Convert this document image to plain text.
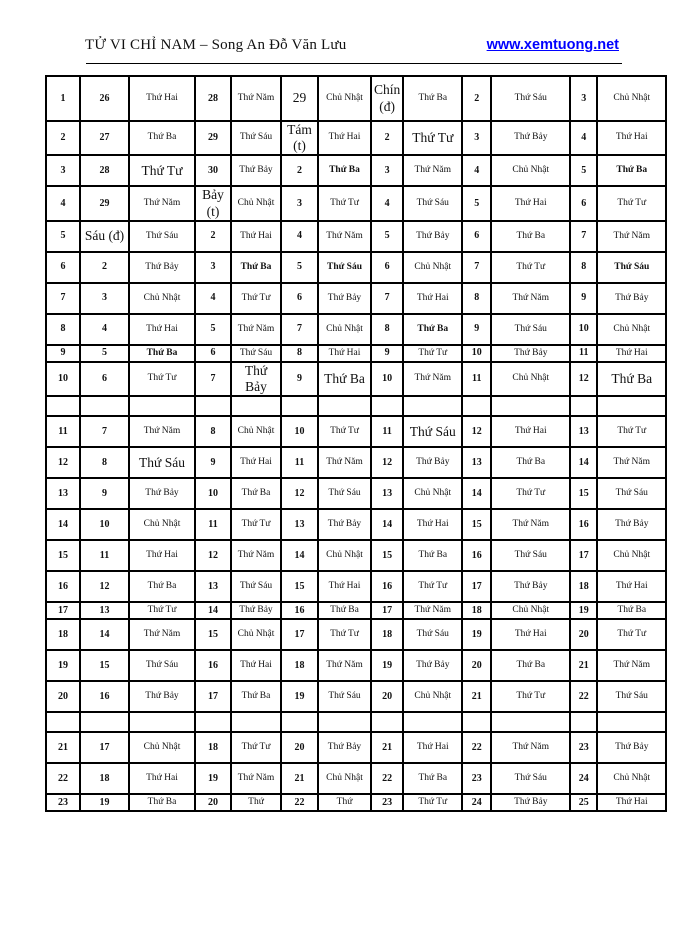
TỬ VI CHỈ NAM – Song An Đỗ Văn Lưu	www.xemtuong.net
1	26	Thứ Hai	28	Thứ Năm	29	Chủ Nhật	Chín (đ)	Thứ Ba	2	Thứ Sáu	3	Chủ Nhật
2	27	Thứ Ba	29	Thứ Sáu	Tám (t)	Thứ Hai	2	Thứ Tư	3	Thứ Bảy	4	Thứ Hai
3	28	Thứ Tư	30	Thứ Bảy	2	Thứ Ba	3	Thứ Năm	4	Chủ Nhật	5	Thứ Ba
4	29	Thứ Năm	Bảy (t)	Chủ Nhật	3	Thứ Tư	4	Thứ Sáu	5	Thứ Hai	6	Thứ Tư
5	Sáu (đ)	Thứ Sáu	2	Thứ Hai	4	Thứ Năm	5	Thứ Bảy	6	Thứ Ba	7	Thứ Năm
6	2	Thứ Bảy	3	Thứ Ba	5	Thứ Sáu	6	Chủ Nhật	7	Thứ Tư	8	Thứ Sáu
7	3	Chủ Nhật	4	Thứ Tư	6	Thứ Bảy	7	Thứ Hai	8	Thứ Năm	9	Thứ Bảy
8	4	Thứ Hai	5	Thứ Năm	7	Chủ Nhật	8	Thứ Ba	9	Thứ Sáu	10	Chủ Nhật
9	5	Thứ Ba	6	Thứ Sáu	8	Thứ Hai	9	Thứ Tư	10	Thứ Bảy	11	Thứ Hai
10	6	Thứ Tư	7	Thứ Bảy	9	Thứ Ba	10	Thứ Năm	11	Chủ Nhật	12	Thứ Ba

11	7	Thứ Năm	8	Chủ Nhật	10	Thứ Tư	11	Thứ Sáu	12	Thứ Hai	13	Thứ Tư
12	8	Thứ Sáu	9	Thứ Hai	11	Thứ Năm	12	Thứ Bảy	13	Thứ Ba	14	Thứ Năm
13	9	Thứ Bảy	10	Thứ Ba	12	Thứ Sáu	13	Chủ Nhật	14	Thứ Tư	15	Thứ Sáu
14	10	Chủ Nhật	11	Thứ Tư	13	Thứ Bảy	14	Thứ Hai	15	Thứ Năm	16	Thứ Bảy
15	11	Thứ Hai	12	Thứ Năm	14	Chủ Nhật	15	Thứ Ba	16	Thứ Sáu	17	Chủ Nhật
16	12	Thứ Ba	13	Thứ Sáu	15	Thứ Hai	16	Thứ Tư	17	Thứ Bảy	18	Thứ Hai
17	13	Thứ Tư	14	Thứ Bảy	16	Thứ Ba	17	Thứ Năm	18	Chủ Nhật	19	Thứ Ba
18	14	Thứ Năm	15	Chủ Nhật	17	Thứ Tư	18	Thứ Sáu	19	Thứ Hai	20	Thứ Tư
19	15	Thứ Sáu	16	Thứ Hai	18	Thứ Năm	19	Thứ Bảy	20	Thứ Ba	21	Thứ Năm
20	16	Thứ Bảy	17	Thứ Ba	19	Thứ Sáu	20	Chủ Nhật	21	Thứ Tư	22	Thứ Sáu

21	17	Chủ Nhật	18	Thứ Tư	20	Thứ Bảy	21	Thứ Hai	22	Thứ Năm	23	Thứ Bảy
22	18	Thứ Hai	19	Thứ Năm	21	Chủ Nhật	22	Thứ Ba	23	Thứ Sáu	24	Chủ Nhật
23	19	Thứ Ba	20	Thứ	22	Thứ	23	Thứ Tư	24	Thứ Bảy	25	Thứ Hai
